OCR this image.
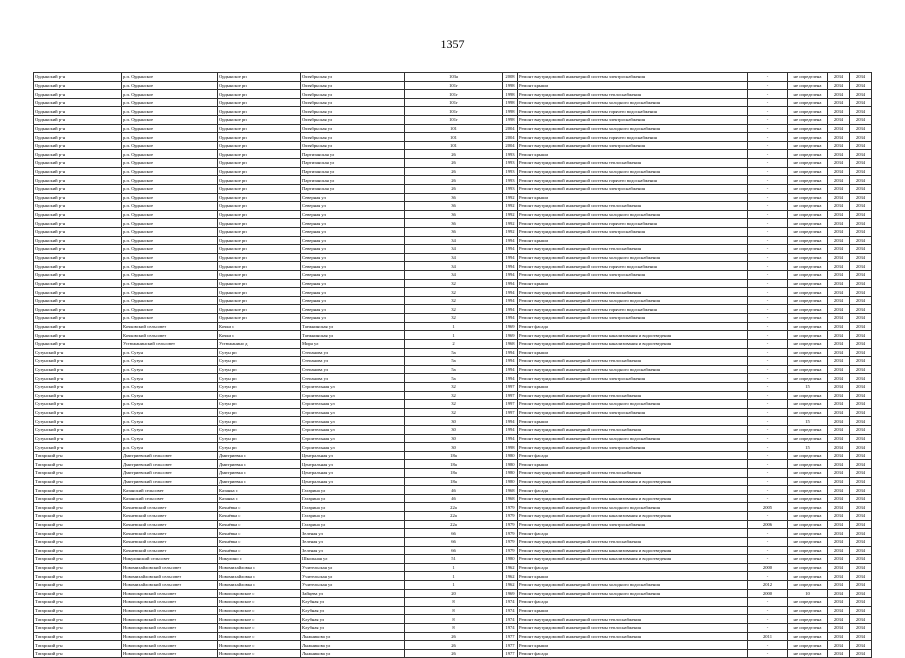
1357
Ордынский р-н	р.п. Ордынское	Ордынское рп	Октябрьская ул	103а	2008	Ремонт внутридомовой инженерной системы электроснабжения	-	не определена	2034	2034
Ордынский р-н	р.п. Ордынское	Ордынское рп	Октябрьская ул	101г	1998	Ремонт крыши	-	не определена	2034	2034
Ордынский р-н	р.п. Ордынское	Ордынское рп	Октябрьская ул	101г	1998	Ремонт внутридомовой инженерной системы теплоснабжения	-	не определена	2034	2034
Ордынский р-н	р.п. Ордынское	Ордынское рп	Октябрьская ул	101г	1998	Ремонт внутридомовой инженерной системы холодного водоснабжения	-	не определена	2034	2034
Ордынский р-н	р.п. Ордынское	Ордынское рп	Октябрьская ул	101г	1998	Ремонт внутридомовой инженерной системы горячего водоснабжения	-	не определена	2034	2034
Ордынский р-н	р.п. Ордынское	Ордынское рп	Октябрьская ул	101г	1998	Ремонт внутридомовой инженерной системы электроснабжения	-	не определена	2034	2034
Ордынский р-н	р.п. Ордынское	Ордынское рп	Октябрьская ул	101	2004	Ремонт внутридомовой инженерной системы холодного водоснабжения	-	не определена	2034	2034
Ордынский р-н	р.п. Ордынское	Ордынское рп	Октябрьская ул	101	2004	Ремонт внутридомовой инженерной системы горячего водоснабжения	-	не определена	2034	2034
Ордынский р-н	р.п. Ордынское	Ордынское рп	Октябрьская ул	101	2004	Ремонт внутридомовой инженерной системы электроснабжения	-	не определена	2034	2034
Ордынский р-н	р.п. Ордынское	Ордынское рп	Партизанская ул	26	1993	Ремонт крыши	-	не определена	2034	2034
Ордынский р-н	р.п. Ордынское	Ордынское рп	Партизанская ул	26	1993	Ремонт внутридомовой инженерной системы теплоснабжения	-	не определена	2034	2034
Ордынский р-н	р.п. Ордынское	Ордынское рп	Партизанская ул	26	1993	Ремонт внутридомовой инженерной системы холодного водоснабжения	-	не определена	2034	2034
Ордынский р-н	р.п. Ордынское	Ордынское рп	Партизанская ул	26	1993	Ремонт внутридомовой инженерной системы горячего водоснабжения	-	не определена	2034	2034
Ордынский р-н	р.п. Ордынское	Ордынское рп	Партизанская ул	26	1993	Ремонт внутридомовой инженерной системы электроснабжения	-	не определена	2034	2034
Ордынский р-н	р.п. Ордынское	Ордынское рп	Северная ул	36	1992	Ремонт крыши	-	не определена	2034	2034
Ордынский р-н	р.п. Ордынское	Ордынское рп	Северная ул	36	1992	Ремонт внутридомовой инженерной системы теплоснабжения	-	не определена	2034	2034
Ордынский р-н	р.п. Ордынское	Ордынское рп	Северная ул	36	1992	Ремонт внутридомовой инженерной системы холодного водоснабжения	-	не определена	2034	2034
Ордынский р-н	р.п. Ордынское	Ордынское рп	Северная ул	36	1992	Ремонт внутридомовой инженерной системы горячего водоснабжения	-	не определена	2034	2034
Ордынский р-н	р.п. Ордынское	Ордынское рп	Северная ул	36	1992	Ремонт внутридомовой инженерной системы электроснабжения	-	не определена	2034	2034
Ордынский р-н	р.п. Ордынское	Ордынское рп	Северная ул	34	1994	Ремонт крыши	-	не определена	2034	2034
Ордынский р-н	р.п. Ордынское	Ордынское рп	Северная ул	34	1994	Ремонт внутридомовой инженерной системы теплоснабжения	-	не определена	2034	2034
Ордынский р-н	р.п. Ордынское	Ордынское рп	Северная ул	34	1994	Ремонт внутридомовой инженерной системы холодного водоснабжения	-	не определена	2034	2034
Ордынский р-н	р.п. Ордынское	Ордынское рп	Северная ул	34	1994	Ремонт внутридомовой инженерной системы горячего водоснабжения	-	не определена	2034	2034
Ордынский р-н	р.п. Ордынское	Ордынское рп	Северная ул	34	1994	Ремонт внутридомовой инженерной системы электроснабжения	-	не определена	2034	2034
Ордынский р-н	р.п. Ордынское	Ордынское рп	Северная ул	32	1994	Ремонт крыши	-	не определена	2034	2034
Ордынский р-н	р.п. Ордынское	Ордынское рп	Северная ул	32	1994	Ремонт внутридомовой инженерной системы теплоснабжения	-	не определена	2034	2034
Ордынский р-н	р.п. Ордынское	Ордынское рп	Северная ул	32	1994	Ремонт внутридомовой инженерной системы холодного водоснабжения	-	не определена	2034	2034
Ордынский р-н	р.п. Ордынское	Ордынское рп	Северная ул	32	1994	Ремонт внутридомовой инженерной системы горячего водоснабжения	-	не определена	2034	2034
Ордынский р-н	р.п. Ордынское	Ордынское рп	Северная ул	32	1994	Ремонт внутридомовой инженерной системы электроснабжения	-	не определена	2034	2034
Ордынский р-н	Кочковский сельсовет	Кочки с	Таежнинская ул	1	1969	Ремонт фасада	-	не определена	2034	2034
Ордынский р-н	Кочковский сельсовет	Кочки с	Таежнинская ул	1	1969	Ремонт внутридомовой инженерной системы канализования и водоотведения	-	не определена	2034	2034
Ордынский р-н	Устюжанинский сельсовет	Устюжанино д	Мира ул	2	1968	Ремонт внутридомовой инженерной системы канализования и водоотведения	-	не определена	2034	2034
Сузунский р-н	р.п. Сузун	Сузун рп	Степанова ул	5а	1994	Ремонт крыши	-	не определена	2034	2034
Сузунский р-н	р.п. Сузун	Сузун рп	Степанова ул	5а	1994	Ремонт внутридомовой инженерной системы теплоснабжения	-	не определена	2034	2034
Сузунский р-н	р.п. Сузун	Сузун рп	Степанова ул	5а	1994	Ремонт внутридомовой инженерной системы холодного водоснабжения	-	не определена	2034	2034
Сузунский р-н	р.п. Сузун	Сузун рп	Степанова ул	5а	1994	Ремонт внутридомовой инженерной системы электроснабжения	-	не определена	2034	2034
Сузунский р-н	р.п. Сузун	Сузун рп	Строительная ул	32	1997	Ремонт крыши	-	15	2034	2034
Сузунский р-н	р.п. Сузун	Сузун рп	Строительная ул	32	1997	Ремонт внутридомовой инженерной системы теплоснабжения	-	не определена	2034	2034
Сузунский р-н	р.п. Сузун	Сузун рп	Строительная ул	32	1997	Ремонт внутридомовой инженерной системы холодного водоснабжения	-	не определена	2034	2034
Сузунский р-н	р.п. Сузун	Сузун рп	Строительная ул	32	1997	Ремонт внутридомовой инженерной системы электроснабжения	-	не определена	2034	2034
Сузунский р-н	р.п. Сузун	Сузун рп	Строительная ул	30	1994	Ремонт крыши	-	15	2034	2034
Сузунский р-н	р.п. Сузун	Сузун рп	Строительная ул	30	1994	Ремонт внутридомовой инженерной системы теплоснабжения	-	не определена	2034	2034
Сузунский р-н	р.п. Сузун	Сузун рп	Строительная ул	30	1994	Ремонт внутридомовой инженерной системы холодного водоснабжения	-	не определена	2034	2034
Сузунский р-н	р.п. Сузун	Сузун рп	Строительная ул	30	1998	Ремонт внутридомовой инженерной системы электроснабжения	-	15	2034	2034
Татарский р-н	Дмитриевский сельсовет	Дмитриевка с	Центральная ул	18а	1980	Ремонт фасада	-	не определена	2034	2034
Татарский р-н	Дмитриевский сельсовет	Дмитриевка с	Центральная ул	18а	1980	Ремонт крыши	-	не определена	2034	2034
Татарский р-н	Дмитриевский сельсовет	Дмитриевка с	Центральная ул	18а	1980	Ремонт внутридомовой инженерной системы теплоснабжения	-	не определена	2034	2034
Татарский р-н	Дмитриевский сельсовет	Дмитриевка с	Центральная ул	18а	1980	Ремонт внутридомовой инженерной системы канализования и водоотведения	-	не определена	2034	2034
Татарский р-н	Казанский сельсовет	Казанка с	Гагарина ул	46	1968	Ремонт фасада	-	не определена	2034	2034
Татарский р-н	Казанский сельсовет	Казанка с	Гагарина ул	46	1968	Ремонт внутридомовой инженерной системы канализования и водоотведения	-	не определена	2034	2034
Татарский р-н	Кочневский сельсовет	Кочнёвка с	Гагарина ул	22а	1979	Ремонт внутридомовой инженерной системы холодного водоснабжения	2005	не определена	2034	2034
Татарский р-н	Кочневский сельсовет	Кочнёвка с	Гагарина ул	22а	1979	Ремонт внутридомовой инженерной системы канализования и водоотведения	-	не определена	2034	2034
Татарский р-н	Кочневский сельсовет	Кочнёвка с	Гагарина ул	22а	1979	Ремонт внутридомовой инженерной системы электроснабжения	2006	не определена	2034	2034
Татарский р-н	Кочневский сельсовет	Кочнёвка с	Зеленая ул	66	1979	Ремонт фасада	-	не определена	2034	2034
Татарский р-н	Кочневский сельсовет	Кочнёвка с	Зеленая ул	66	1979	Ремонт внутридомовой инженерной системы теплоснабжения	-	не определена	2034	2034
Татарский р-н	Кочневский сельсовет	Кочнёвка с	Зеленая ул	66	1979	Ремонт внутридомовой инженерной системы канализования и водоотведения	-	не определена	2034	2034
Татарский р-н	Никулинский сельсовет	Никулино с	Школьная ул	51	1980	Ремонт внутридомовой инженерной системы канализования и водоотведения	-	не определена	2034	2034
Татарский р-н	Новомихайловский сельсовет	Новомихайловка с	Учительская ул	1	1962	Ремонт фасада	2000	не определена	2034	2034
Татарский р-н	Новомихайловский сельсовет	Новомихайловка с	Учительская ул	1	1962	Ремонт крыши	-	не определена	2034	2034
Татарский р-н	Новомихайловский сельсовет	Новомихайловка с	Учительская ул	1	1962	Ремонт внутридомовой инженерной системы холодного водоснабжения	2012	не определена	2034	2034
Татарский р-н	Новопокровский сельсовет	Новопокровское с	Зайцева ул	20	1969	Ремонт внутридомовой инженерной системы холодного водоснабжения	2000	10	2034	2034
Татарский р-н	Новопокровский сельсовет	Новопокровское с	Клубная ул	8	1974	Ремонт фасада	-	не определена	2034	2034
Татарский р-н	Новопокровский сельсовет	Новопокровское с	Клубная ул	8	1974	Ремонт крыши	-	не определена	2034	2034
Татарский р-н	Новопокровский сельсовет	Новопокровское с	Клубная ул	8	1974	Ремонт внутридомовой инженерной системы теплоснабжения	-	не определена	2034	2034
Татарский р-н	Новопокровский сельсовет	Новопокровское с	Клубная ул	8	1974	Ремонт внутридомовой инженерной системы теплоснабжения	-	не определена	2034	2034
Татарский р-н	Новопокровский сельсовет	Новопокровское с	Лыжникова ул	26	1977	Ремонт внутридомовой инженерной системы теплоснабжения	2011	не определена	2034	2034
Татарский р-н	Новопокровский сельсовет	Новопокровское с	Лыжникова ул	26	1977	Ремонт крыши	-	не определена	2034	2034
Татарский р-н	Новопокровский сельсовет	Новопокровское с	Лыжникова ул	26	1977	Ремонт фасада	-	не определена	2034	2034
